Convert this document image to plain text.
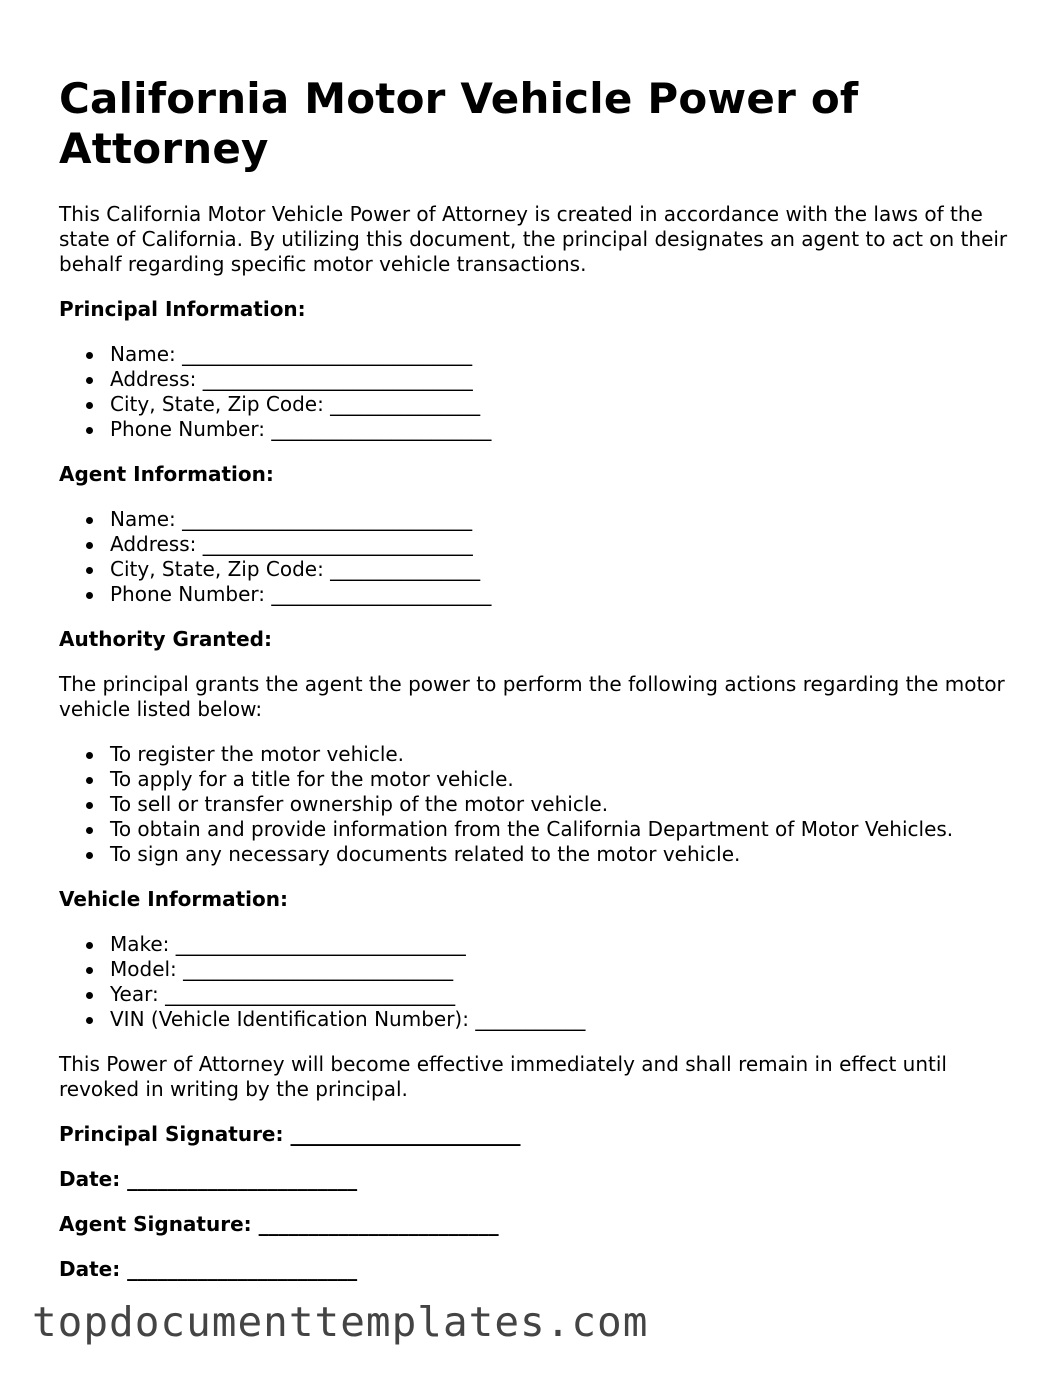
California Motor Vehicle Power of Attorney

This California Motor Vehicle Power of Attorney is created in accordance with the laws of the state of California. By utilizing this document, the principal designates an agent to act on their behalf regarding specific motor vehicle transactions.

Principal Information:
Name: _____________________________
Address: ___________________________
City, State, Zip Code: _______________
Phone Number: ______________________
Agent Information:
Name: _____________________________
Address: ___________________________
City, State, Zip Code: _______________
Phone Number: ______________________
Authority Granted:

The principal grants the agent the power to perform the following actions regarding the motor vehicle listed below:

To register the motor vehicle.
To apply for a title for the motor vehicle.
To sell or transfer ownership of the motor vehicle.
To obtain and provide information from the California Department of Motor Vehicles.
To sign any necessary documents related to the motor vehicle.
Vehicle Information:
Make: _____________________________
Model: ___________________________
Year: _____________________________
VIN (Vehicle Identification Number): ___________

This Power of Attorney will become effective immediately and shall remain in effect until revoked in writing by the principal.

Principal Signature: _______________________
Date: _______________________
Agent Signature: ________________________
Date: _______________________
topdocumenttemplates.com
